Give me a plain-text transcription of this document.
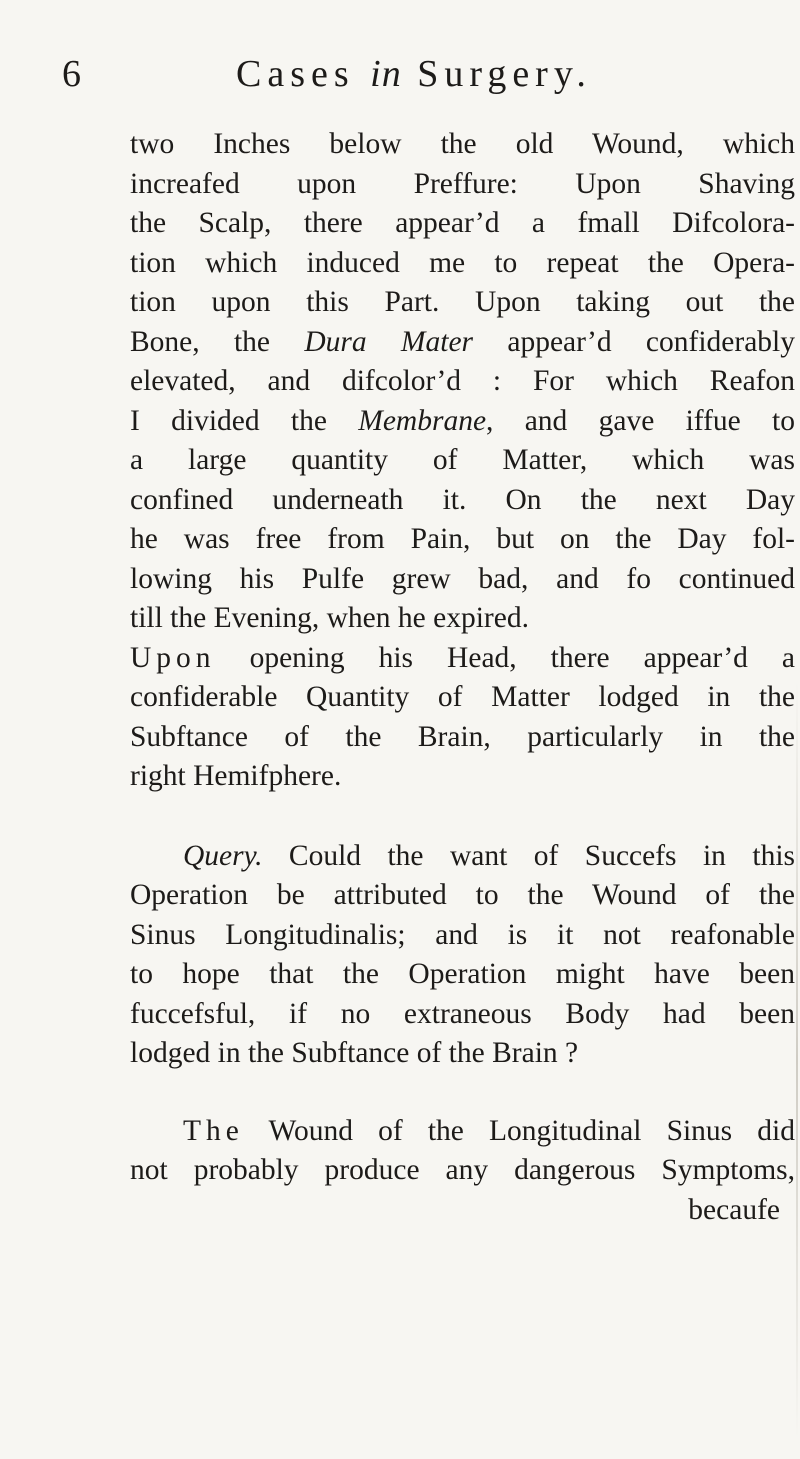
6	Cases in Surgery.
two Inches below the old Wound, which
increafed upon Preffure: Upon Shaving
the Scalp, there appear’d a fmall Difcolora-
tion which induced me to repeat the Opera-
tion upon this Part. Upon taking out the
Bone, the Dura Mater appear’d confiderably
elevated, and difcolor’d : For which Reafon
I divided the Membrane, and gave iffue to
a large quantity of Matter, which was
confined underneath it. On the next Day
he was free from Pain, but on the Day fol-
lowing his Pulfe grew bad, and fo continued
till the Evening, when he expired.
Upon opening his Head, there appear’d a
confiderable Quantity of Matter lodged in the
Subftance of the Brain, particularly in the
right Hemifphere.
Query. Could the want of Succefs in this
Operation be attributed to the Wound of the
Sinus Longitudinalis; and is it not reafonable
to hope that the Operation might have been
fuccefsful, if no extraneous Body had been
lodged in the Subftance of the Brain ?
The Wound of the Longitudinal Sinus did
not probably produce any dangerous Symptoms,
becaufe
